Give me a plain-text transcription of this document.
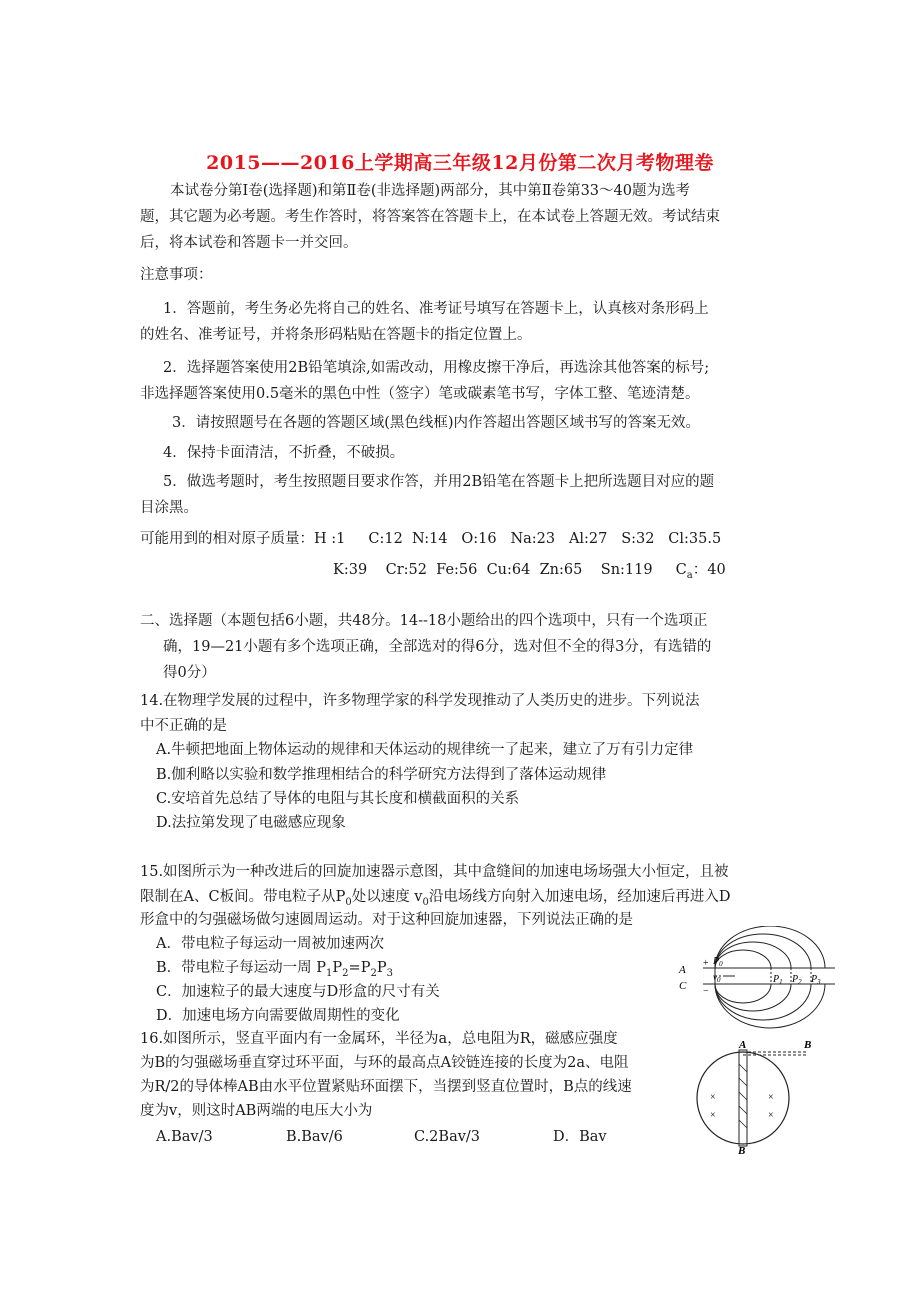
2015——2016上学期高三年级12月份第二次月考物理卷
本试卷分第Ⅰ卷(选择题)和第Ⅱ卷(非选择题)两部分，其中第Ⅱ卷第33～40题为选考
题，其它题为必考题。考生作答时，将答案答在答题卡上，在本试卷上答题无效。考试结束
后，将本试卷和答题卡一并交回。
注意事项：
1．答题前，考生务必先将自己的姓名、准考证号填写在答题卡上，认真核对条形码上
的姓名、准考证号，并将条形码粘贴在答题卡的指定位置上。
2．选择题答案使用2B铅笔填涂,如需改动，用橡皮擦干净后，再选涂其他答案的标号;
非选择题答案使用0.5毫米的黑色中性（签字）笔或碳素笔书写，字体工整、笔迹清楚。
3．请按照题号在各题的答题区域(黑色线框)内作答超出答题区域书写的答案无效。
4．保持卡面清洁，不折叠，不破损。
5．做选考题时，考生按照题目要求作答，并用2B铅笔在答题卡上把所选题目对应的题
目涂黑。
可能用到的相对原子质量：H :1     C:12  N:14   O:16   Na:23   Al:27   S:32   Cl:35.5
K:39    Cr:52  Fe:56  Cu:64  Zn:65    Sn:119 $C_a$：40
二、选择题（本题包括6小题，共48分。14--18小题给出的四个选项中，只有一个选项正
确，19—21小题有多个选项正确，全部选对的得6分，选对但不全的得3分，有选错的
得0分）
14.在物理学发展的过程中，许多物理学家的科学发现推动了人类历史的进步。下列说法
中不正确的是
A.牛顿把地面上物体运动的规律和天体运动的规律统一了起来，建立了万有引力定律
B.伽利略以实验和数学推理相结合的科学研究方法得到了落体运动规律
C.安培首先总结了导体的电阻与其长度和横截面积的关系
D.法拉第发现了电磁感应现象
15.如图所示为一种改进后的回旋加速器示意图，其中盒缝间的加速电场场强大小恒定，且被
限制在A、C板间。带电粒子从$P_0$处以速度 $v_0$沿电场线方向射入加速电场，经加速后再进入D
形盒中的匀强磁场做匀速圆周运动。对于这种回旋加速器，下列说法正确的是
A．带电粒子每运动一周被加速两次
B．带电粒子每运动一周 $P_1P_2=P_2P_3$
C．加速粒子的最大速度与D形盒的尺寸有关
D．加速电场方向需要做周期性的变化
A
C
+
−
$P_0$
$v_0$	$P_1$ $P_2$ $P_3$
16.如图所示，竖直平面内有一金属环，半径为a，总电阻为R，磁感应强度
为B的匀强磁场垂直穿过环平面，与环的最高点A铰链连接的长度为2a、电阻
为R/2的导体棒AB由水平位置紧贴环面摆下，当摆到竖直位置时，B点的线速
度为v，则这时AB两端的电压大小为
A.Bav/3	B.Bav/6	C.2Bav/3	D．Bav
A	B
B
×
×
×
×
